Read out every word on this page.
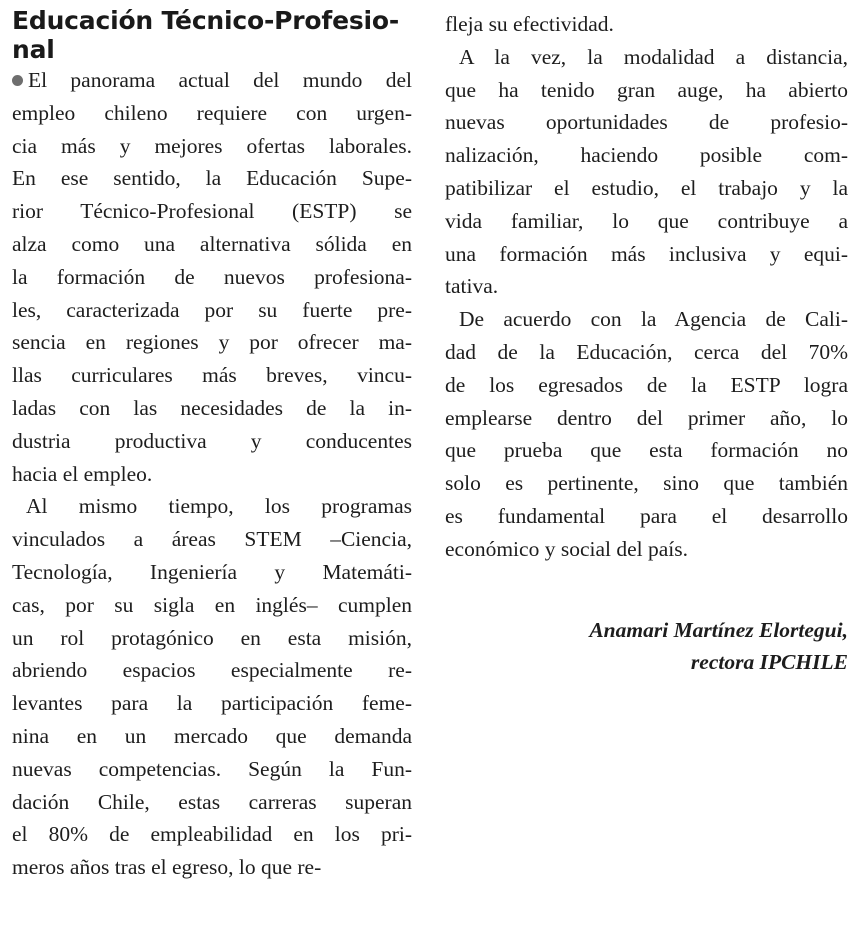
Educación Técnico-Profesio-
nal
El panorama actual del mundo del
empleo chileno requiere con urgen-
cia más y mejores ofertas laborales.
En ese sentido, la Educación Supe-
rior Técnico-Profesional (ESTP) se
alza como una alternativa sólida en
la formación de nuevos profesiona-
les, caracterizada por su fuerte pre-
sencia en regiones y por ofrecer ma-
llas curriculares más breves, vincu-
ladas con las necesidades de la in-
dustria productiva y conducentes
hacia el empleo.
Al mismo tiempo, los programas
vinculados a áreas STEM –Ciencia,
Tecnología, Ingeniería y Matemáti-
cas, por su sigla en inglés– cumplen
un rol protagónico en esta misión,
abriendo espacios especialmente re-
levantes para la participación feme-
nina en un mercado que demanda
nuevas competencias. Según la Fun-
dación Chile, estas carreras superan
el 80% de empleabilidad en los pri-
meros años tras el egreso, lo que re-
fleja su efectividad.
A la vez, la modalidad a distancia,
que ha tenido gran auge, ha abierto
nuevas oportunidades de profesio-
nalización, haciendo posible com-
patibilizar el estudio, el trabajo y la
vida familiar, lo que contribuye a
una formación más inclusiva y equi-
tativa.
De acuerdo con la Agencia de Cali-
dad de la Educación, cerca del 70%
de los egresados de la ESTP logra
emplearse dentro del primer año, lo
que prueba que esta formación no
solo es pertinente, sino que también
es fundamental para el desarrollo
económico y social del país.
Anamari Martínez Elortegui,
rectora IPCHILE
